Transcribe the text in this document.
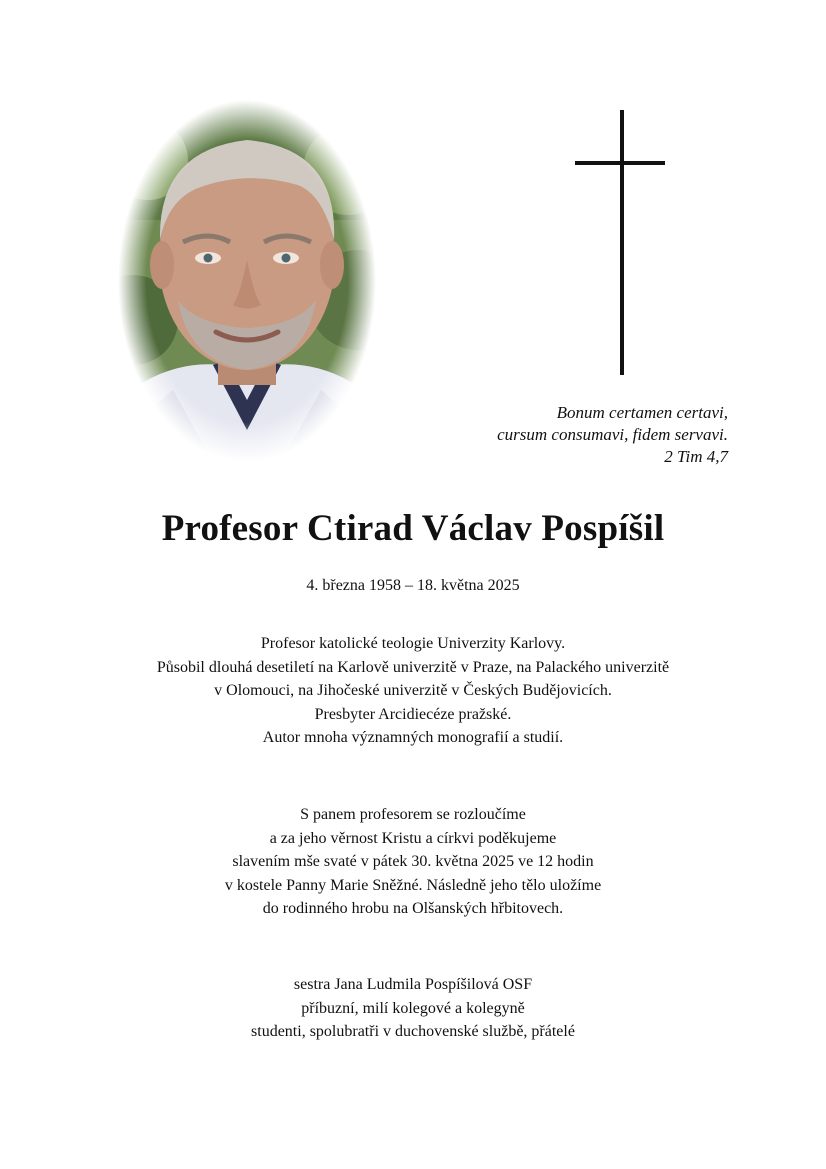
Bonum certamen certavi,
cursum consumavi, fidem servavi.
2 Tim 4,7
Profesor Ctirad Václav Pospíšil
4. března 1958 – 18. května 2025
Profesor katolické teologie Univerzity Karlovy.
Působil dlouhá desetiletí na Karlově univerzitě v Praze, na Palackého univerzitě
v Olomouci, na Jihočeské univerzitě v Českých Budějovicích.
Presbyter Arcidiecéze pražské.
Autor mnoha významných monografií a studií.
S panem profesorem se rozloučíme
a za jeho věrnost Kristu a církvi poděkujeme
slavením mše svaté v pátek 30. května 2025 ve 12 hodin
v kostele Panny Marie Sněžné. Následně jeho tělo uložíme
do rodinného hrobu na Olšanských hřbitovech.
sestra Jana Ludmila Pospíšilová OSF
příbuzní, milí kolegové a kolegyně
studenti, spolubratři v duchovenské službě, přátelé
